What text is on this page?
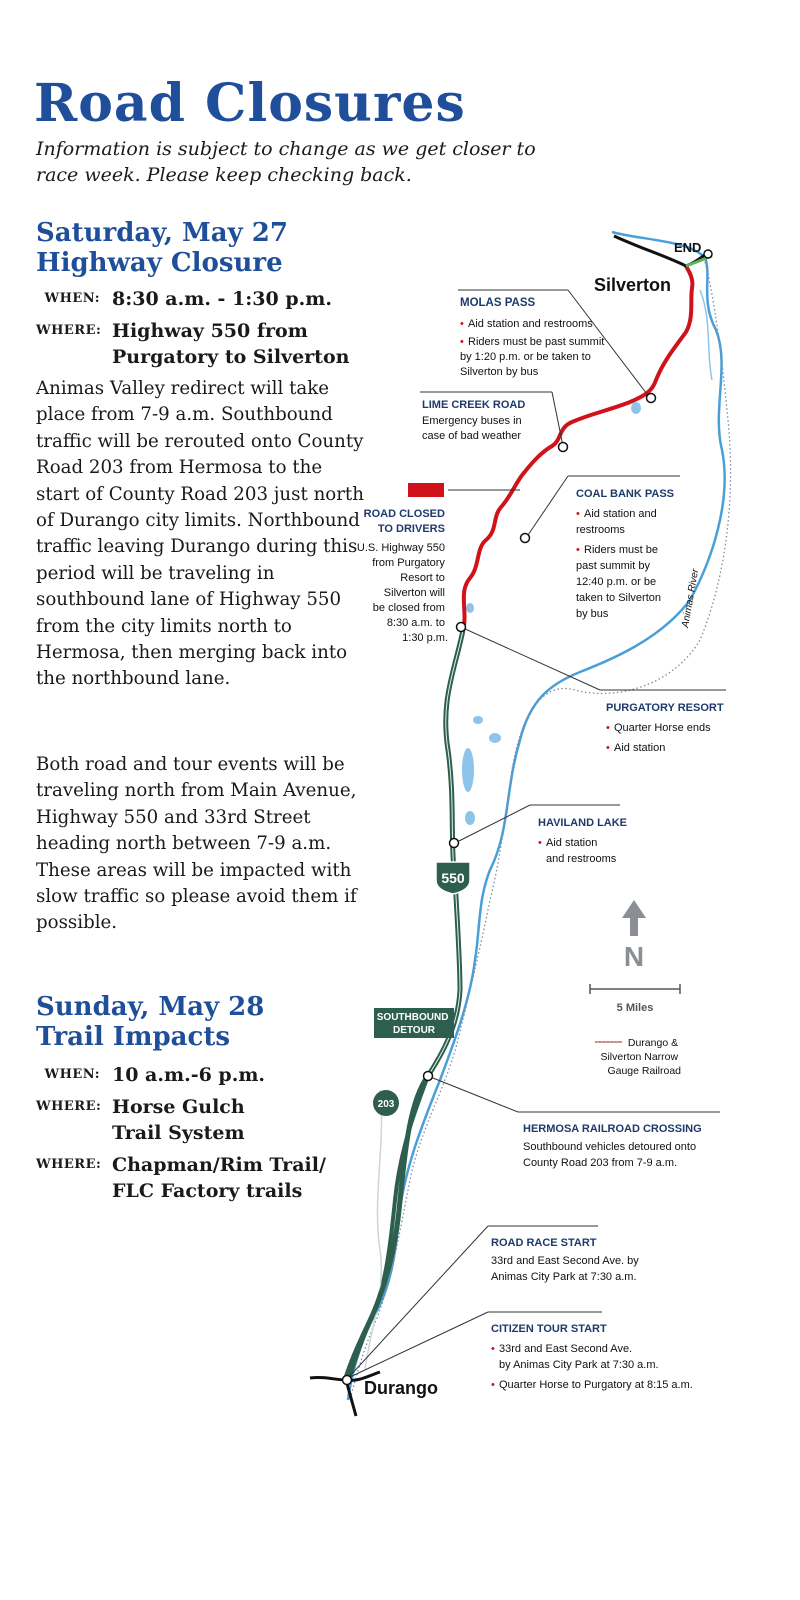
Road Closures
Information is subject to change as we get closer to race week. Please keep checking back.
Saturday, May 27
Highway Closure
WHEN: 8:30 a.m. - 1:30 p.m.
WHERE: Highway 550 from
Purgatory to Silverton
Animas Valley redirect will take place from 7-9 a.m. Southbound traffic will be rerouted onto County Road 203 from Hermosa to the start of County Road 203 just north of Durango city limits. Northbound traffic leaving Durango during this period will be traveling in southbound lane of Highway 550 from the city limits north to Hermosa, then merging back into the northbound lane.
Both road and tour events will be traveling north from Main Avenue, Highway 550 and 33rd Street heading north between 7-9 a.m. These areas will be impacted with slow traffic so please avoid them if possible.
Sunday, May 28
Trail Impacts
WHEN: 10 a.m.-6 p.m.
WHERE: Horse Gulch
Trail System
WHERE: Chapman/Rim Trail/
FLC Factory trails
END
Silverton
Durango
Animas River
550
203
MOLAS PASS
• Aid station and restrooms • Riders must be past summit by 1:20 p.m. or be taken to Silverton by bus
LIME CREEK ROAD Emergency buses in case of bad weather
COAL BANK PASS
• Aid station and restrooms • Riders must be past summit by 12:40 p.m. or be taken to Silverton by bus
ROAD CLOSED TO DRIVERS U.S. Highway 550 from Purgatory Resort to Silverton will be closed from 8:30 a.m. to 1:30 p.m.
PURGATORY RESORT
• Quarter Horse ends • Aid station
HAVILAND LAKE
• Aid station and restrooms
N
5 Miles
Durango & Silverton Narrow Gauge Railroad
SOUTHBOUND DETOUR
HERMOSA RAILROAD CROSSING Southbound vehicles detoured onto County Road 203 from 7-9 a.m.
ROAD RACE START 33rd and East Second Ave. by Animas City Park at 7:30 a.m.
CITIZEN TOUR START
• 33rd and East Second Ave. by Animas City Park at 7:30 a.m. • Quarter Horse to Purgatory at 8:15 a.m.
